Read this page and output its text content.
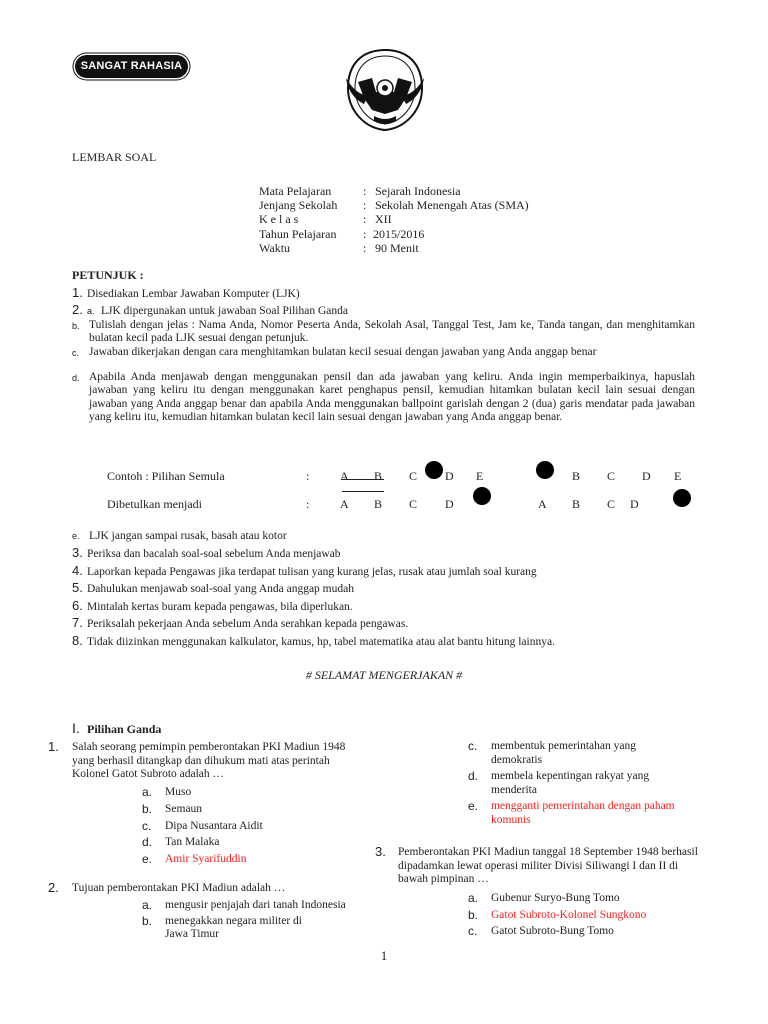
SANGAT RAHASIA
LEMBAR SOAL
Mata Pelajaran	: Sejarah Indonesia
Jenjang Sekolah	: Sekolah Menengah Atas (SMA)
K e l a s	: XII
Tahun Pelajaran	: 2015/2016
Waktu	: 90 Menit
PETUNJUK :
1. Disediakan Lembar Jawaban Komputer (LJK)
2. a. LJK dipergunakan untuk jawaban Soal Pilihan Ganda
b. Tulislah dengan jelas : Nama Anda, Nomor Peserta Anda, Sekolah Asal, Tanggal Test, Jam ke, Tanda tangan, dan menghitamkan bulatan kecil pada LJK sesuai dengan petunjuk.
c. Jawaban dikerjakan dengan cara menghitamkan bulatan kecil sesuai dengan jawaban yang Anda anggap benar
d. Apabila Anda menjawab dengan menggunakan pensil dan ada jawaban yang keliru. Anda ingin memperbaikinya, hapuslah jawaban yang keliru itu dengan menggunakan karet penghapus pensil, kemudian hitamkan bulatan kecil lain sesuai dengan jawaban yang Anda anggap benar dan apabila Anda menggunakan ballpoint garislah dengan 2 (dua) garis mendatar pada jawaban yang keliru itu, kemudian hitamkan bulatan kecil lain sesuai dengan jawaban yang Anda anggap benar.
Contoh : Pilihan Semula	:	A B C D E	B C D E
Dibetulkan menjadi	:	A B C D	A B C D
e. LJK jangan sampai rusak, basah atau kotor
3. Periksa dan bacalah soal-soal sebelum Anda menjawab
4. Laporkan kepada Pengawas jika terdapat tulisan yang kurang jelas, rusak atau jumlah soal kurang
5. Dahulukan menjawab soal-soal yang Anda anggap mudah
6. Mintalah kertas buram kepada pengawas, bila diperlukan.
7. Periksalah pekerjaan Anda sebelum Anda serahkan kepada pengawas.
8. Tidak diizinkan menggunakan kalkulator, kamus, hp, tabel matematika atau alat bantu hitung lainnya.
# SELAMAT MENGERJAKAN #
I. Pilihan Ganda
1. Salah seorang pemimpin pemberontakan PKI Madiun 1948 yang berhasil ditangkap dan dihukum mati atas perintah Kolonel Gatot Subroto adalah …
a.	Muso
b.	Semaun
c.	Dipa Nusantara Aidit
d.	Tan Malaka
e.	Amir Syarifuddin
2. Tujuan pemberontakan PKI Madiun adalah …
a.	mengusir penjajah dari tanah Indonesia
b.	menegakkan negara militer di Jawa Timur
c.	membentuk pemerintahan yang demokratis
d.	membela kepentingan rakyat yang menderita
e.	mengganti pemerintahan dengan paham komunis
3. Pemberontakan PKI Madiun tanggal 18 September 1948 berhasil dipadamkan lewat operasi militer Divisi Siliwangi I dan II di bawah pimpinan …
a.	Gubenur Suryo-Bung Tomo
b.	Gatot Subroto-Kolonel Sungkono
c.	Gatot Subroto-Bung Tomo
1
